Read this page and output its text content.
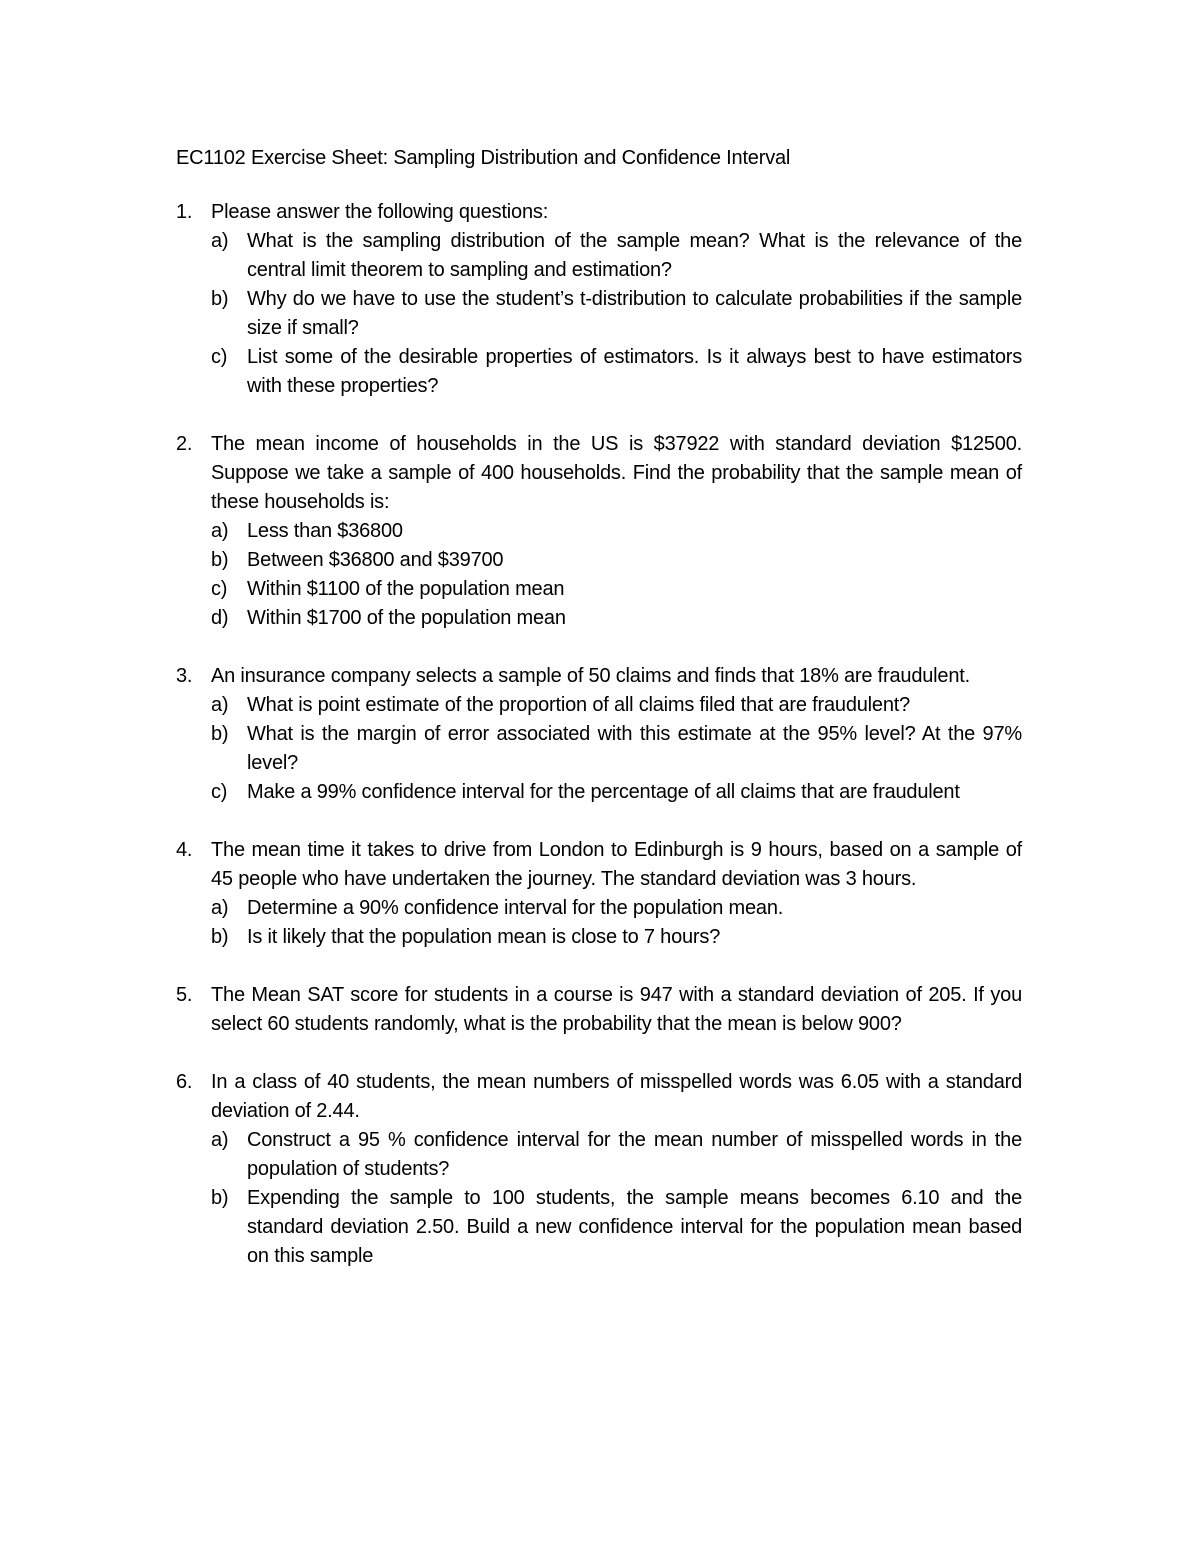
EC1102 Exercise Sheet: Sampling Distribution and Confidence Interval
1. Please answer the following questions:
a) What is the sampling distribution of the sample mean? What is the relevance of the central limit theorem to sampling and estimation?
b) Why do we have to use the student’s t-distribution to calculate probabilities if the sample size if small?
c) List some of the desirable properties of estimators. Is it always best to have estimators with these properties?
2. The mean income of households in the US is $37922 with standard deviation $12500. Suppose we take a sample of 400 households. Find the probability that the sample mean of these households is:
a) Less than $36800
b) Between $36800 and $39700
c) Within $1100 of the population mean
d) Within $1700 of the population mean
3. An insurance company selects a sample of 50 claims and finds that 18% are fraudulent.
a) What is point estimate of the proportion of all claims filed that are fraudulent?
b) What is the margin of error associated with this estimate at the 95% level? At the 97% level?
c) Make a 99% confidence interval for the percentage of all claims that are fraudulent
4. The mean time it takes to drive from London to Edinburgh is 9 hours, based on a sample of 45 people who have undertaken the journey. The standard deviation was 3 hours.
a) Determine a 90% confidence interval for the population mean.
b) Is it likely that the population mean is close to 7 hours?
5. The Mean SAT score for students in a course is 947 with a standard deviation of 205. If you select 60 students randomly, what is the probability that the mean is below 900?
6. In a class of 40 students, the mean numbers of misspelled words was 6.05 with a standard deviation of 2.44.
a) Construct a 95 % confidence interval for the mean number of misspelled words in the population of students?
b) Expending the sample to 100 students, the sample means becomes 6.10 and the standard deviation 2.50. Build a new confidence interval for the population mean based on this sample
